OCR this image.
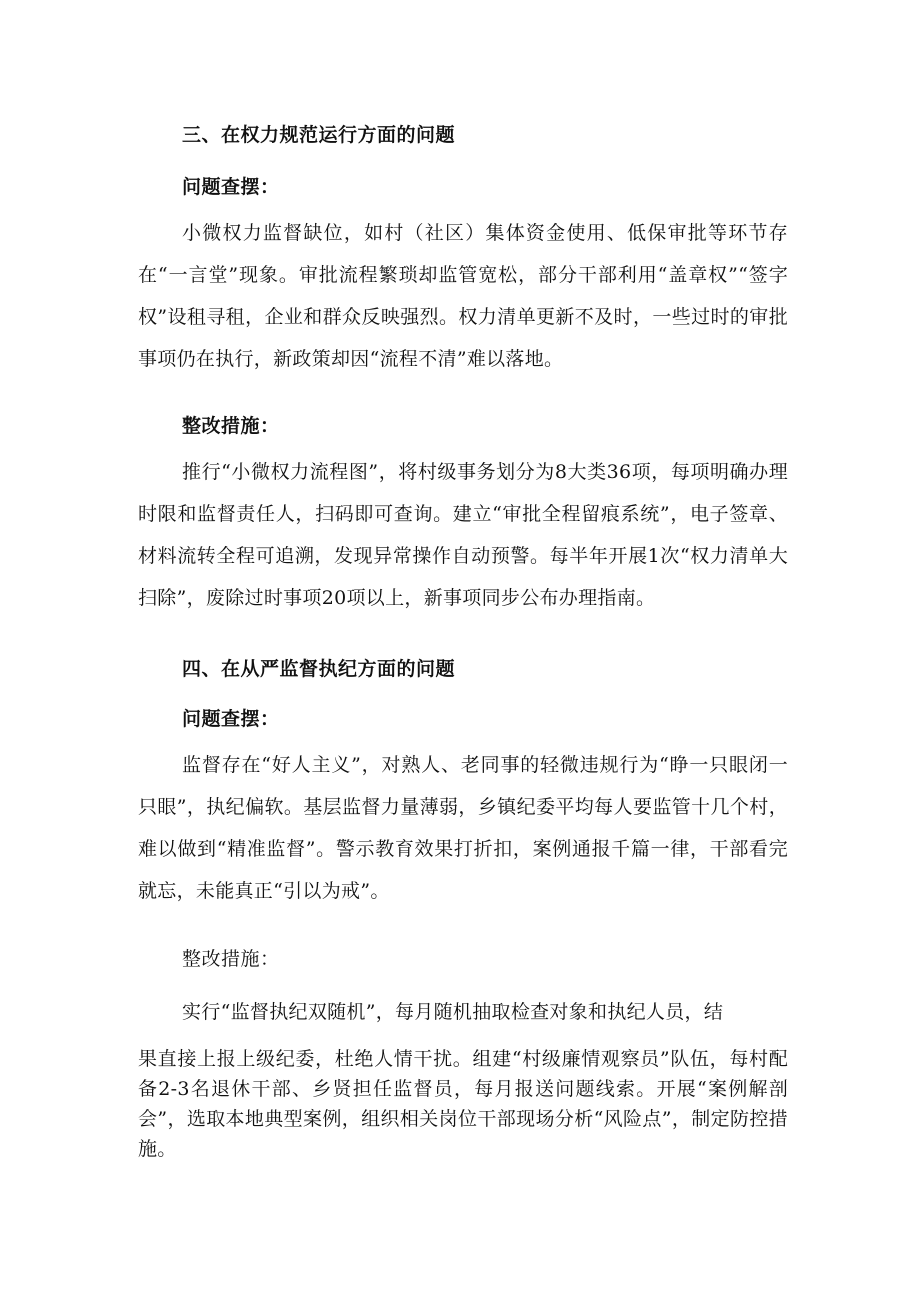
三、在权力规范运行方面的问题
问题查摆：
小微权力监督缺位，如村（社区）集体资金使用、低保审批等环节存在“一言堂”现象。审批流程繁琐却监管宽松，部分干部利用“盖章权”“签字权”设租寻租，企业和群众反映强烈。权力清单更新不及时，一些过时的审批事项仍在执行，新政策却因“流程不清”难以落地。
整改措施：
推行“小微权力流程图”，将村级事务划分为8大类36项，每项明确办理时限和监督责任人，扫码即可查询。建立“审批全程留痕系统”，电子签章、材料流转全程可追溯，发现异常操作自动预警。每半年开展1次“权力清单大扫除”，废除过时事项20项以上，新事项同步公布办理指南。
四、在从严监督执纪方面的问题
问题查摆：
监督存在“好人主义”，对熟人、老同事的轻微违规行为“睁一只眼闭一只眼”，执纪偏软。基层监督力量薄弱，乡镇纪委平均每人要监管十几个村，难以做到“精准监督”。警示教育效果打折扣，案例通报千篇一律，干部看完就忘，未能真正“引以为戒”。
整改措施：
实行“监督执纪双随机”，每月随机抽取检查对象和执纪人员，结
果直接上报上级纪委，杜绝人情干扰。组建“村级廉情观察员”队伍，每村配备2-3名退休干部、乡贤担任监督员，每月报送问题线索。开展“案例解剖会”，选取本地典型案例，组织相关岗位干部现场分析“风险点”，制定防控措施。
